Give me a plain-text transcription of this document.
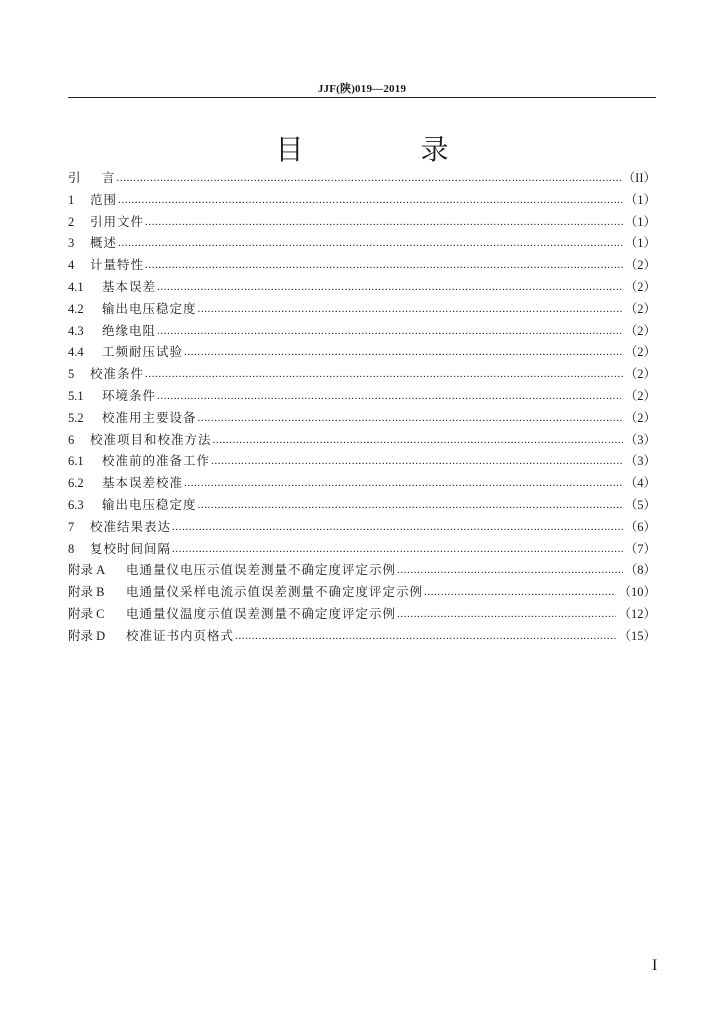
JJF(陕)019—2019
目 录
引	言 .....	（II）
1	范围 .....	（1）
2	引用文件 .....	（1）
3	概述 .....	（1）
4	计量特性 .....	（2）
4.1	基本误差 .....	（2）
4.2	输出电压稳定度 .....	（2）
4.3	绝缘电阻 .....	（2）
4.4	工频耐压试验 .....	（2）
5	校准条件 .....	（2）
5.1	环境条件 .....	（2）
5.2	校准用主要设备 .....	（2）
6	校准项目和校准方法 .....	（3）
6.1	校准前的准备工作 .....	（3）
6.2	基本误差校准 .....	（4）
6.3	输出电压稳定度 .....	（5）
7	校准结果表达 .....	（6）
8	复校时间间隔 .....	（7）
附录 A	电通量仪电压示值误差测量不确定度评定示例 .....	（8）
附录 B	电通量仪采样电流示值误差测量不确定度评定示例 .....	（10）
附录 C	电通量仪温度示值误差测量不确定度评定示例 .....	（12）
附录 D	校准证书内页格式 .....	（15）
I
